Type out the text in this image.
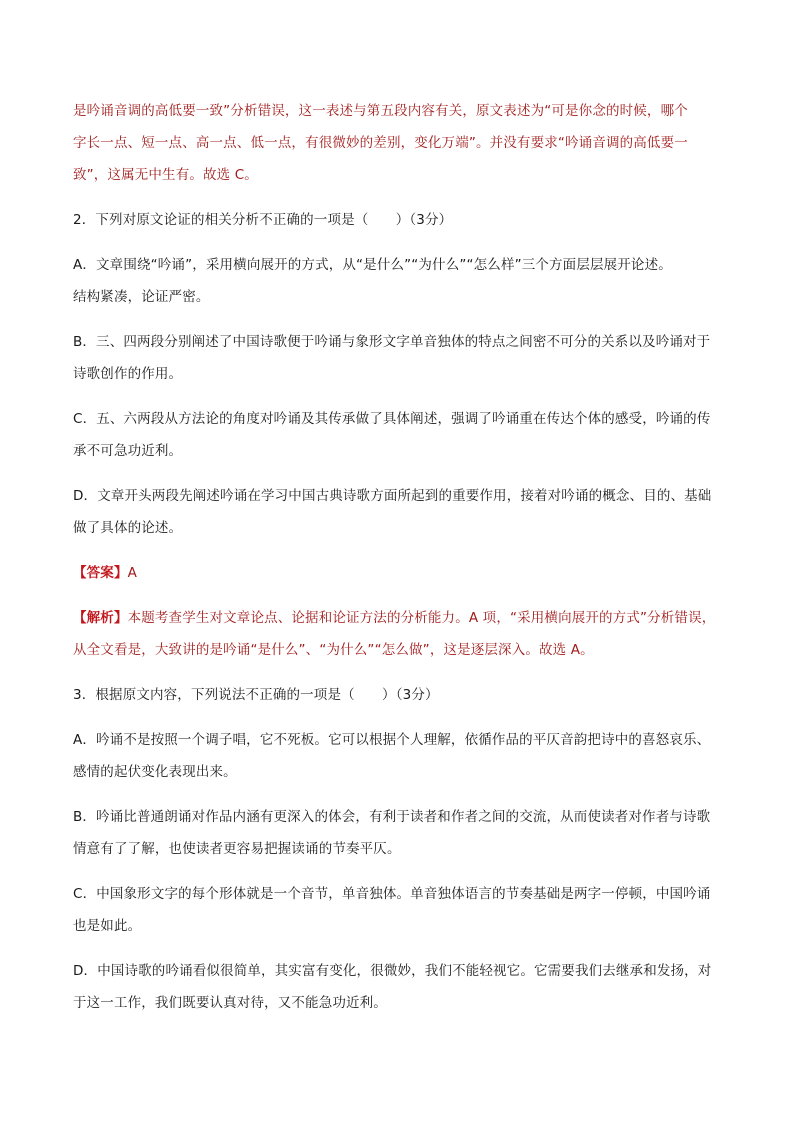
是吟诵音调的高低要一致”分析错误，这一表述与第五段内容有关，原文表述为“可是你念的时候，哪个
字长一点、短一点、高一点、低一点，有很微妙的差别，变化万端”。并没有要求“吟诵音调的高低要一
致”，这属无中生有。故选 C。
2．下列对原文论证的相关分析不正确的一项是（　　）（3分）
A．文章围绕“吟诵”，采用横向展开的方式，从“是什么”“为什么”“怎么样”三个方面层层展开论述。
结构紧凑，论证严密。
B．三、四两段分别阐述了中国诗歌便于吟诵与象形文字单音独体的特点之间密不可分的关系以及吟诵对于
诗歌创作的作用。
C．五、六两段从方法论的角度对吟诵及其传承做了具体阐述，强调了吟诵重在传达个体的感受，吟诵的传
承不可急功近利。
D．文章开头两段先阐述吟诵在学习中国古典诗歌方面所起到的重要作用，接着对吟诵的概念、目的、基础
做了具体的论述。
【答案】A
【解析】本题考查学生对文章论点、论据和论证方法的分析能力。A 项，“采用横向展开的方式”分析错误，
从全文看是，大致讲的是吟诵“是什么”、“为什么”“怎么做”，这是逐层深入。故选 A。
3．根据原文内容，下列说法不正确的一项是（　　）（3分）
A．吟诵不是按照一个调子唱，它不死板。它可以根据个人理解，依循作品的平仄音韵把诗中的喜怒哀乐、
感情的起伏变化表现出来。
B．吟诵比普通朗诵对作品内涵有更深入的体会，有利于读者和作者之间的交流，从而使读者对作者与诗歌
情意有了了解，也使读者更容易把握读诵的节奏平仄。
C．中国象形文字的每个形体就是一个音节，单音独体。单音独体语言的节奏基础是两字一停顿，中国吟诵
也是如此。
D．中国诗歌的吟诵看似很简单，其实富有变化，很微妙，我们不能轻视它。它需要我们去继承和发扬，对
于这一工作，我们既要认真对待，又不能急功近利。
